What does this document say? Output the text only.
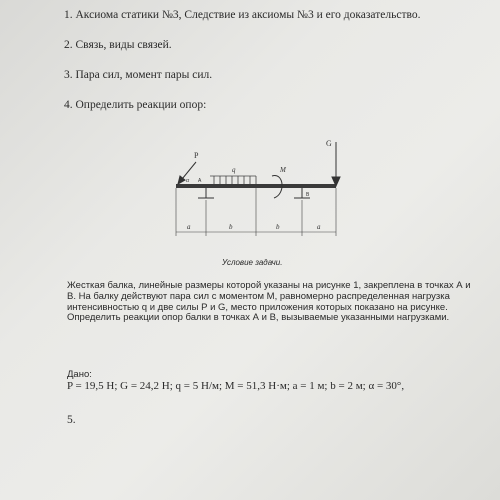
1. Аксиома статики №3, Следствие из аксиомы №3 и его доказательство.
2. Связь, виды связей.
3. Пара сил, момент пары сил.
4. Определить реакции опор:
P
q	M
G
α A
B
a	b	b	a
Условие задачи.

Жесткая балка, линейные размеры которой указаны на рисунке 1, закреплена в точках А и В. На балку действуют пара сил с моментом М, равномерно распределенная нагрузка интенсивностью q и две силы Р и G, место приложения которых показано на рисунке.

Определить реакции опор балки в точках А и В, вызываемые указанными нагрузками.

Дано:
P = 19,5 Н; G = 24,2 Н; q = 5 Н/м; M = 51,3 Н·м; a = 1 м; b = 2 м; α = 30°,
5.
